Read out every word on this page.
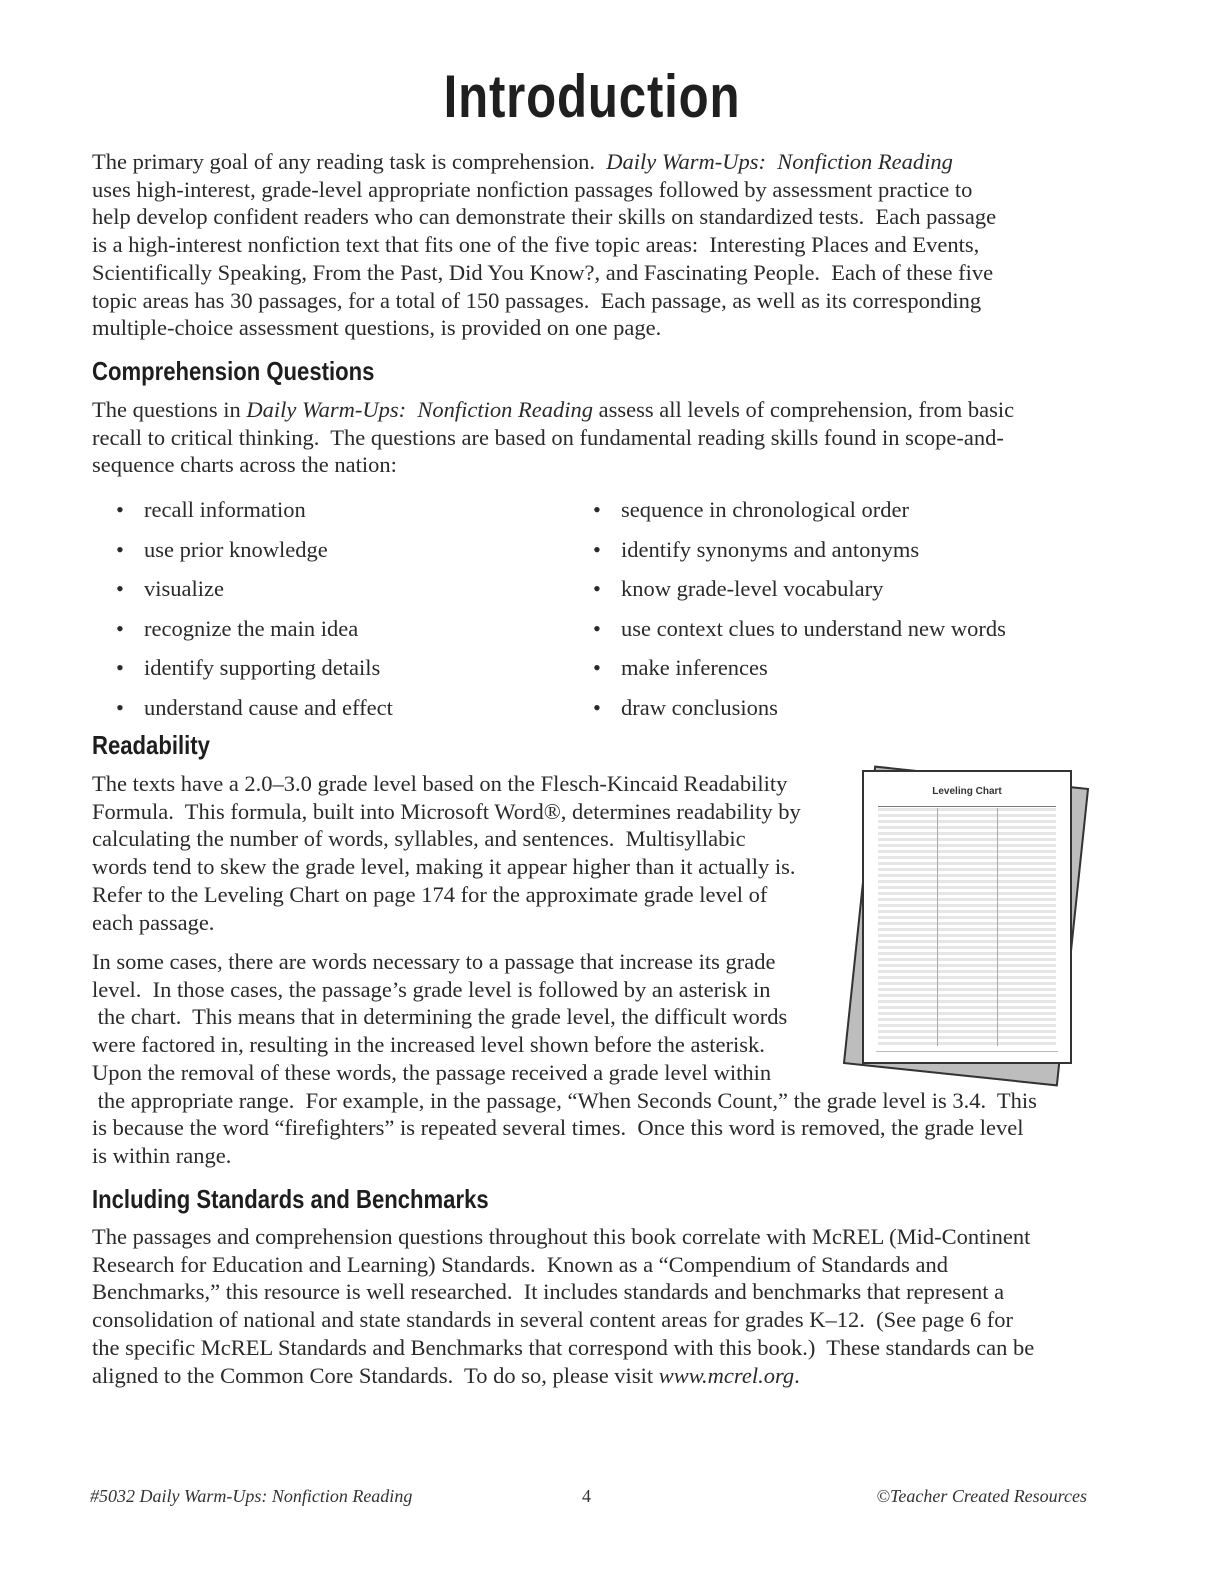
Introduction
The primary goal of any reading task is comprehension.  Daily Warm-Ups:  Nonfiction Reading
uses high-interest, grade-level appropriate nonfiction passages followed by assessment practice to
help develop confident readers who can demonstrate their skills on standardized tests.  Each passage
is a high-interest nonfiction text that fits one of the five topic areas:  Interesting Places and Events,
Scientifically Speaking, From the Past, Did You Know?, and Fascinating People.  Each of these five
topic areas has 30 passages, for a total of 150 passages.  Each passage, as well as its corresponding
multiple-choice assessment questions, is provided on one page.
Comprehension Questions
The questions in Daily Warm-Ups:  Nonfiction Reading assess all levels of comprehension, from basic
recall to critical thinking.  The questions are based on fundamental reading skills found in scope-and-
sequence charts across the nation:
• recall information
• use prior knowledge
• visualize
• recognize the main idea
• identify supporting details
• understand cause and effect
• sequence in chronological order
• identify synonyms and antonyms
• know grade-level vocabulary
• use context clues to understand new words
• make inferences
• draw conclusions
Readability
The texts have a 2.0–3.0 grade level based on the Flesch-Kincaid Readability
Formula.  This formula, built into Microsoft Word®, determines readability by
calculating the number of words, syllables, and sentences.  Multisyllabic
words tend to skew the grade level, making it appear higher than it actually is.
Refer to the Leveling Chart on page 174 for the approximate grade level of
each passage.
In some cases, there are words necessary to a passage that increase its grade
level.  In those cases, the passage’s grade level is followed by an asterisk in
the chart.  This means that in determining the grade level, the difficult words
were factored in, resulting in the increased level shown before the asterisk.
Upon the removal of these words, the passage received a grade level within
the appropriate range.  For example, in the passage, “When Seconds Count,” the grade level is 3.4.  This
is because the word “firefighters” is repeated several times.  Once this word is removed, the grade level
is within range.
Including Standards and Benchmarks
The passages and comprehension questions throughout this book correlate with McREL (Mid-Continent
Research for Education and Learning) Standards.  Known as a “Compendium of Standards and
Benchmarks,” this resource is well researched.  It includes standards and benchmarks that represent a
consolidation of national and state standards in several content areas for grades K–12.  (See page 6 for
the specific McREL Standards and Benchmarks that correspond with this book.)  These standards can be
aligned to the Common Core Standards.  To do so, please visit www.mcrel.org.
Leveling Chart
#5032 Daily Warm-Ups: Nonfiction Reading	4	©Teacher Created Resources
